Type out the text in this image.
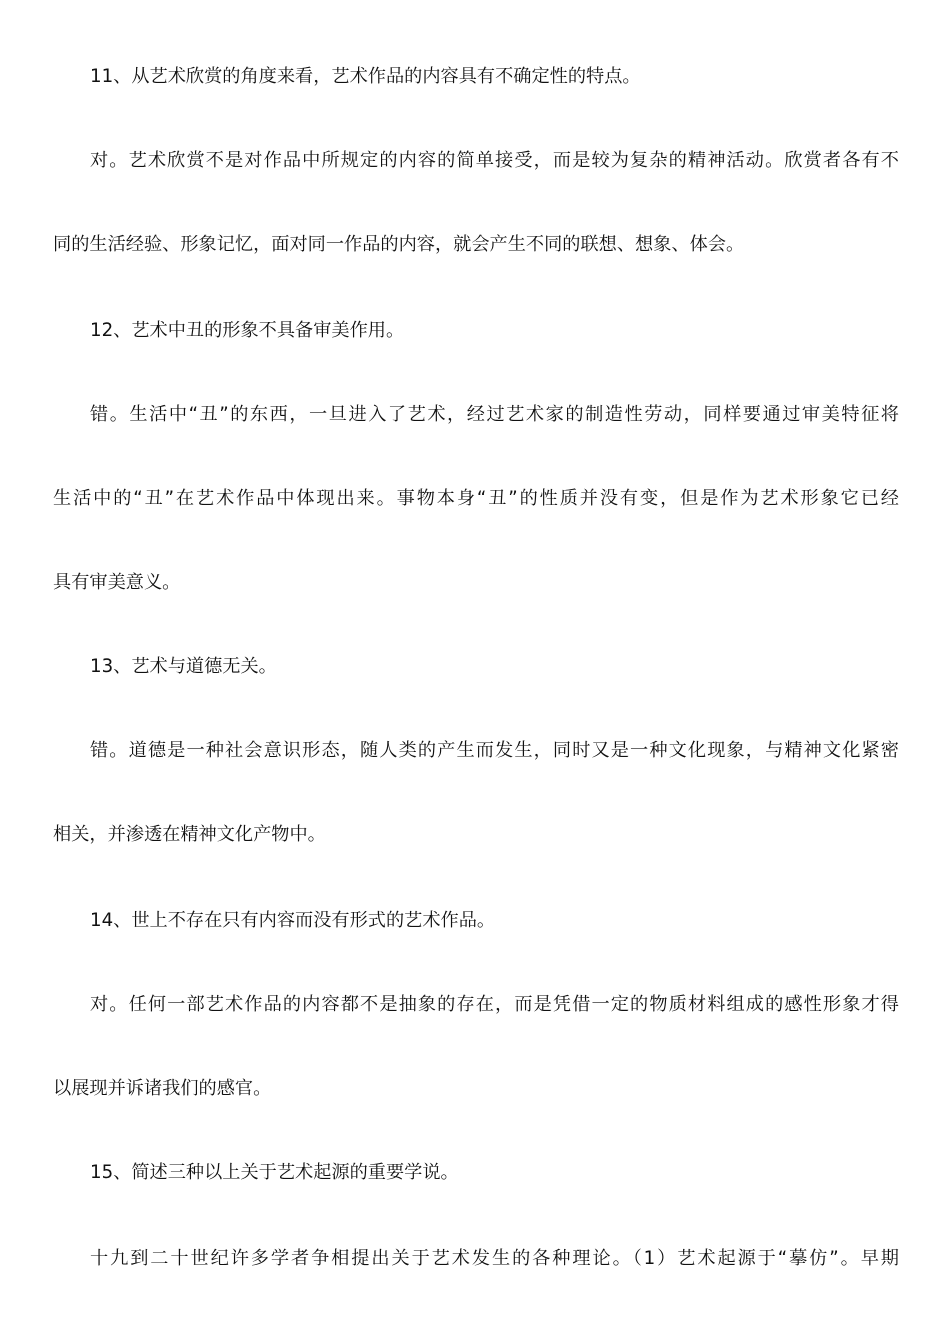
11、从艺术欣赏的角度来看，艺术作品的内容具有不确定性的特点。
对。艺术欣赏不是对作品中所规定的内容的简单接受，而是较为复杂的精神活动。欣赏者各有不
同的生活经验、形象记忆，面对同一作品的内容，就会产生不同的联想、想象、体会。
12、艺术中丑的形象不具备审美作用。
错。生活中“丑”的东西，一旦进入了艺术，经过艺术家的制造性劳动，同样要通过审美特征将
生活中的“丑”在艺术作品中体现出来。事物本身“丑”的性质并没有变，但是作为艺术形象它已经
具有审美意义。
13、艺术与道德无关。
错。道德是一种社会意识形态，随人类的产生而发生，同时又是一种文化现象，与精神文化紧密
相关，并渗透在精神文化产物中。
14、世上不存在只有内容而没有形式的艺术作品。
对。任何一部艺术作品的内容都不是抽象的存在，而是凭借一定的物质材料组成的感性形象才得
以展现并诉诸我们的感官。
15、简述三种以上关于艺术起源的重要学说。
十九到二十世纪许多学者争相提出关于艺术发生的各种理论。（1）艺术起源于“摹仿”。早期
